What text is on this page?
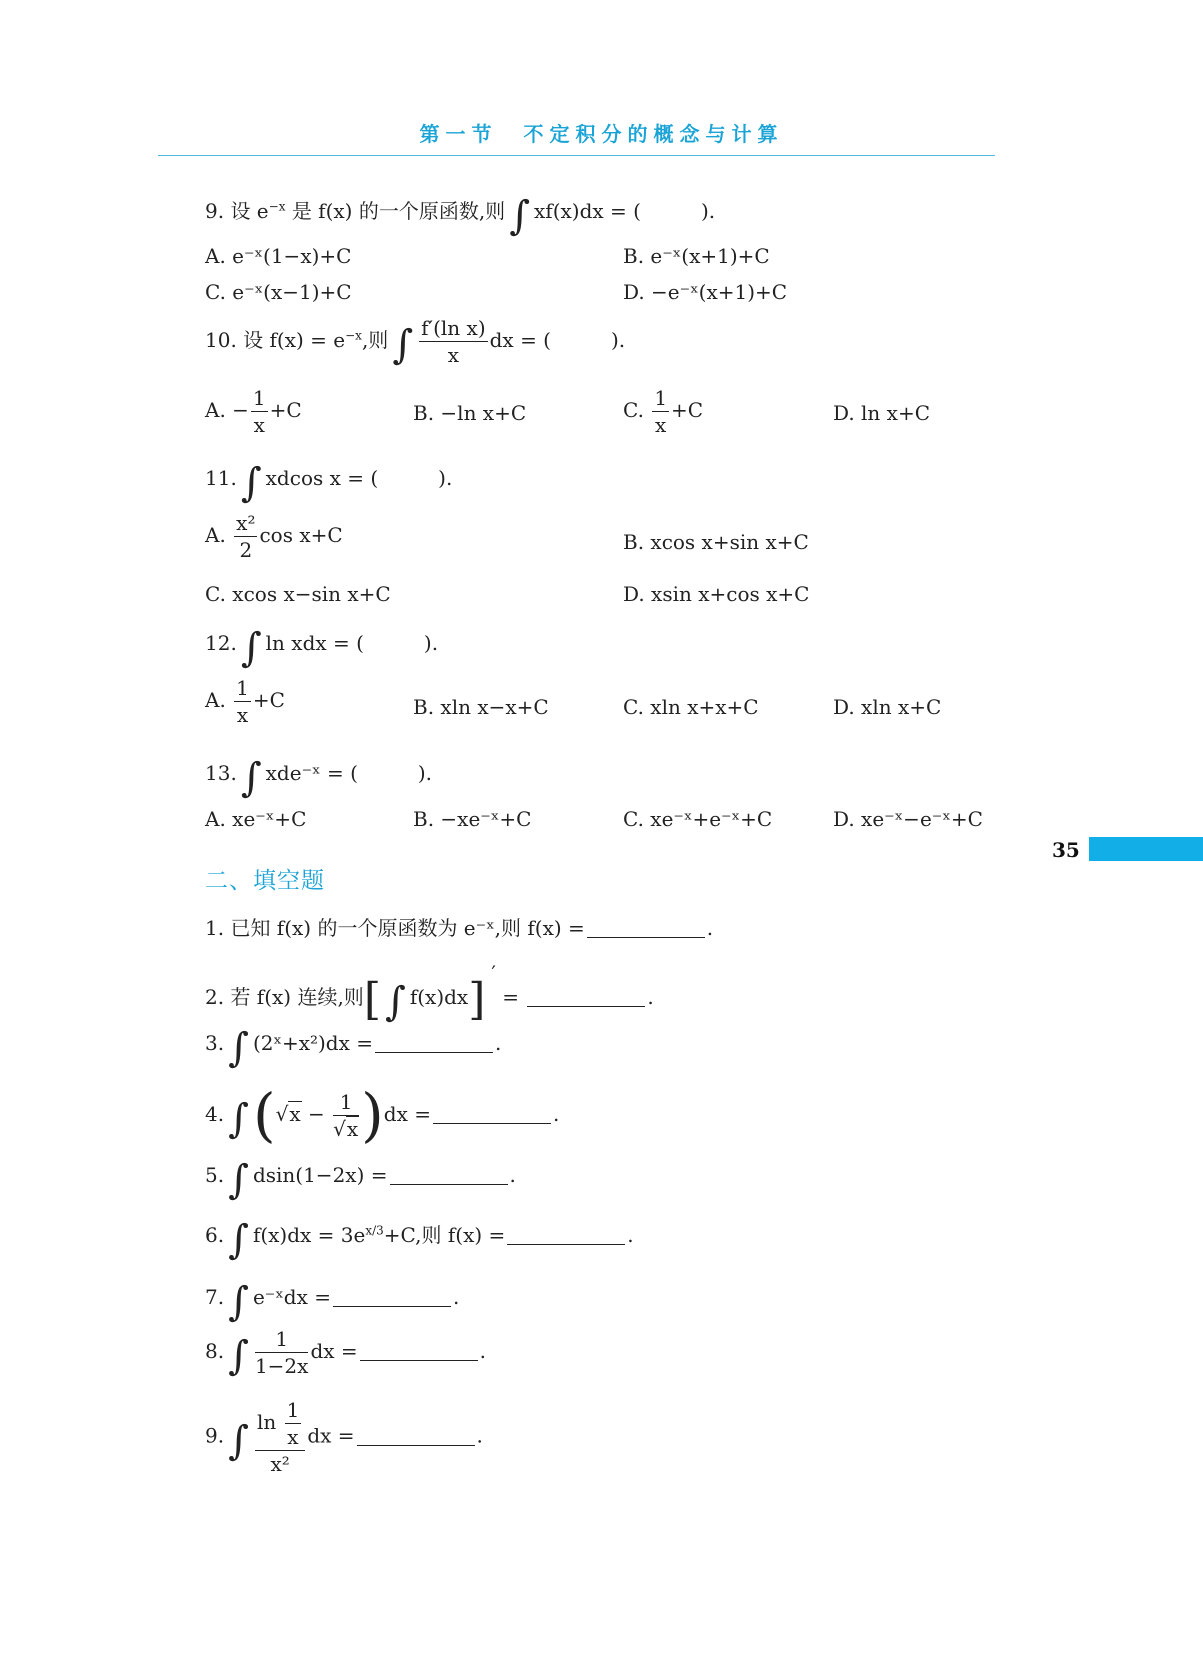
第一节　不定积分的概念与计算
9. 设 $e^{-x}$ 是 f(x) 的一个原函数,则 ∫ xf(x)dx = (　　　).
A. e⁻ˣ(1−x)+C	B. e⁻ˣ(x+1)+C
C. e⁻ˣ(x−1)+C	D. −e⁻ˣ(x+1)+C
10. 设 $f(x) = e^{-x}$,则 ∫ $\frac{\text{f′(ln x)}}{x}$ dx = (　　　).
A. − $\frac{1}{x} +C$	B. −ln x+C	C. $\frac{1}{x} +C$	D. ln x+C
11. ∫ xdcos x = (　　　).
A. $\frac{\text{x²}}{2}$ cos x+C	B. xcos x+sin x+C
C. xcos x−sin x+C	D. xsin x+cos x+C
12. ∫ ln xdx = (　　　).
A. $\frac{1}{x} +C$	B. xln x−x+C	C. xln x+x+C	D. xln x+C
13. ∫ xde⁻ˣ = (　　　).
A. xe⁻ˣ+C	B. −xe⁻ˣ+C	C. xe⁻ˣ+e⁻ˣ+C	D. xe⁻ˣ−e⁻ˣ+C
35
二、填空题
1. 已知 f(x) 的一个原函数为 e⁻ˣ,则 f(x) =	.
2. 若 f(x) 连续,则[ ∫ f(x)dx]′ =	.
3. ∫ (2ˣ+x²)dx =	.
4. $\int(√x - \frac{1}{√x} )dx$ =	.
5. ∫ dsin(1−2x) =	.
6. ∫ $f(x)dx = 3e^{x/3}+C$,则 f(x) =	.
7. ∫ e⁻ˣdx =	.
8. ∫ $\frac{1}{1-2x}$ dx =	.
9. ∫ $\frac{\ln \frac{1}{x}}{\text{x²}}$ dx =	.
